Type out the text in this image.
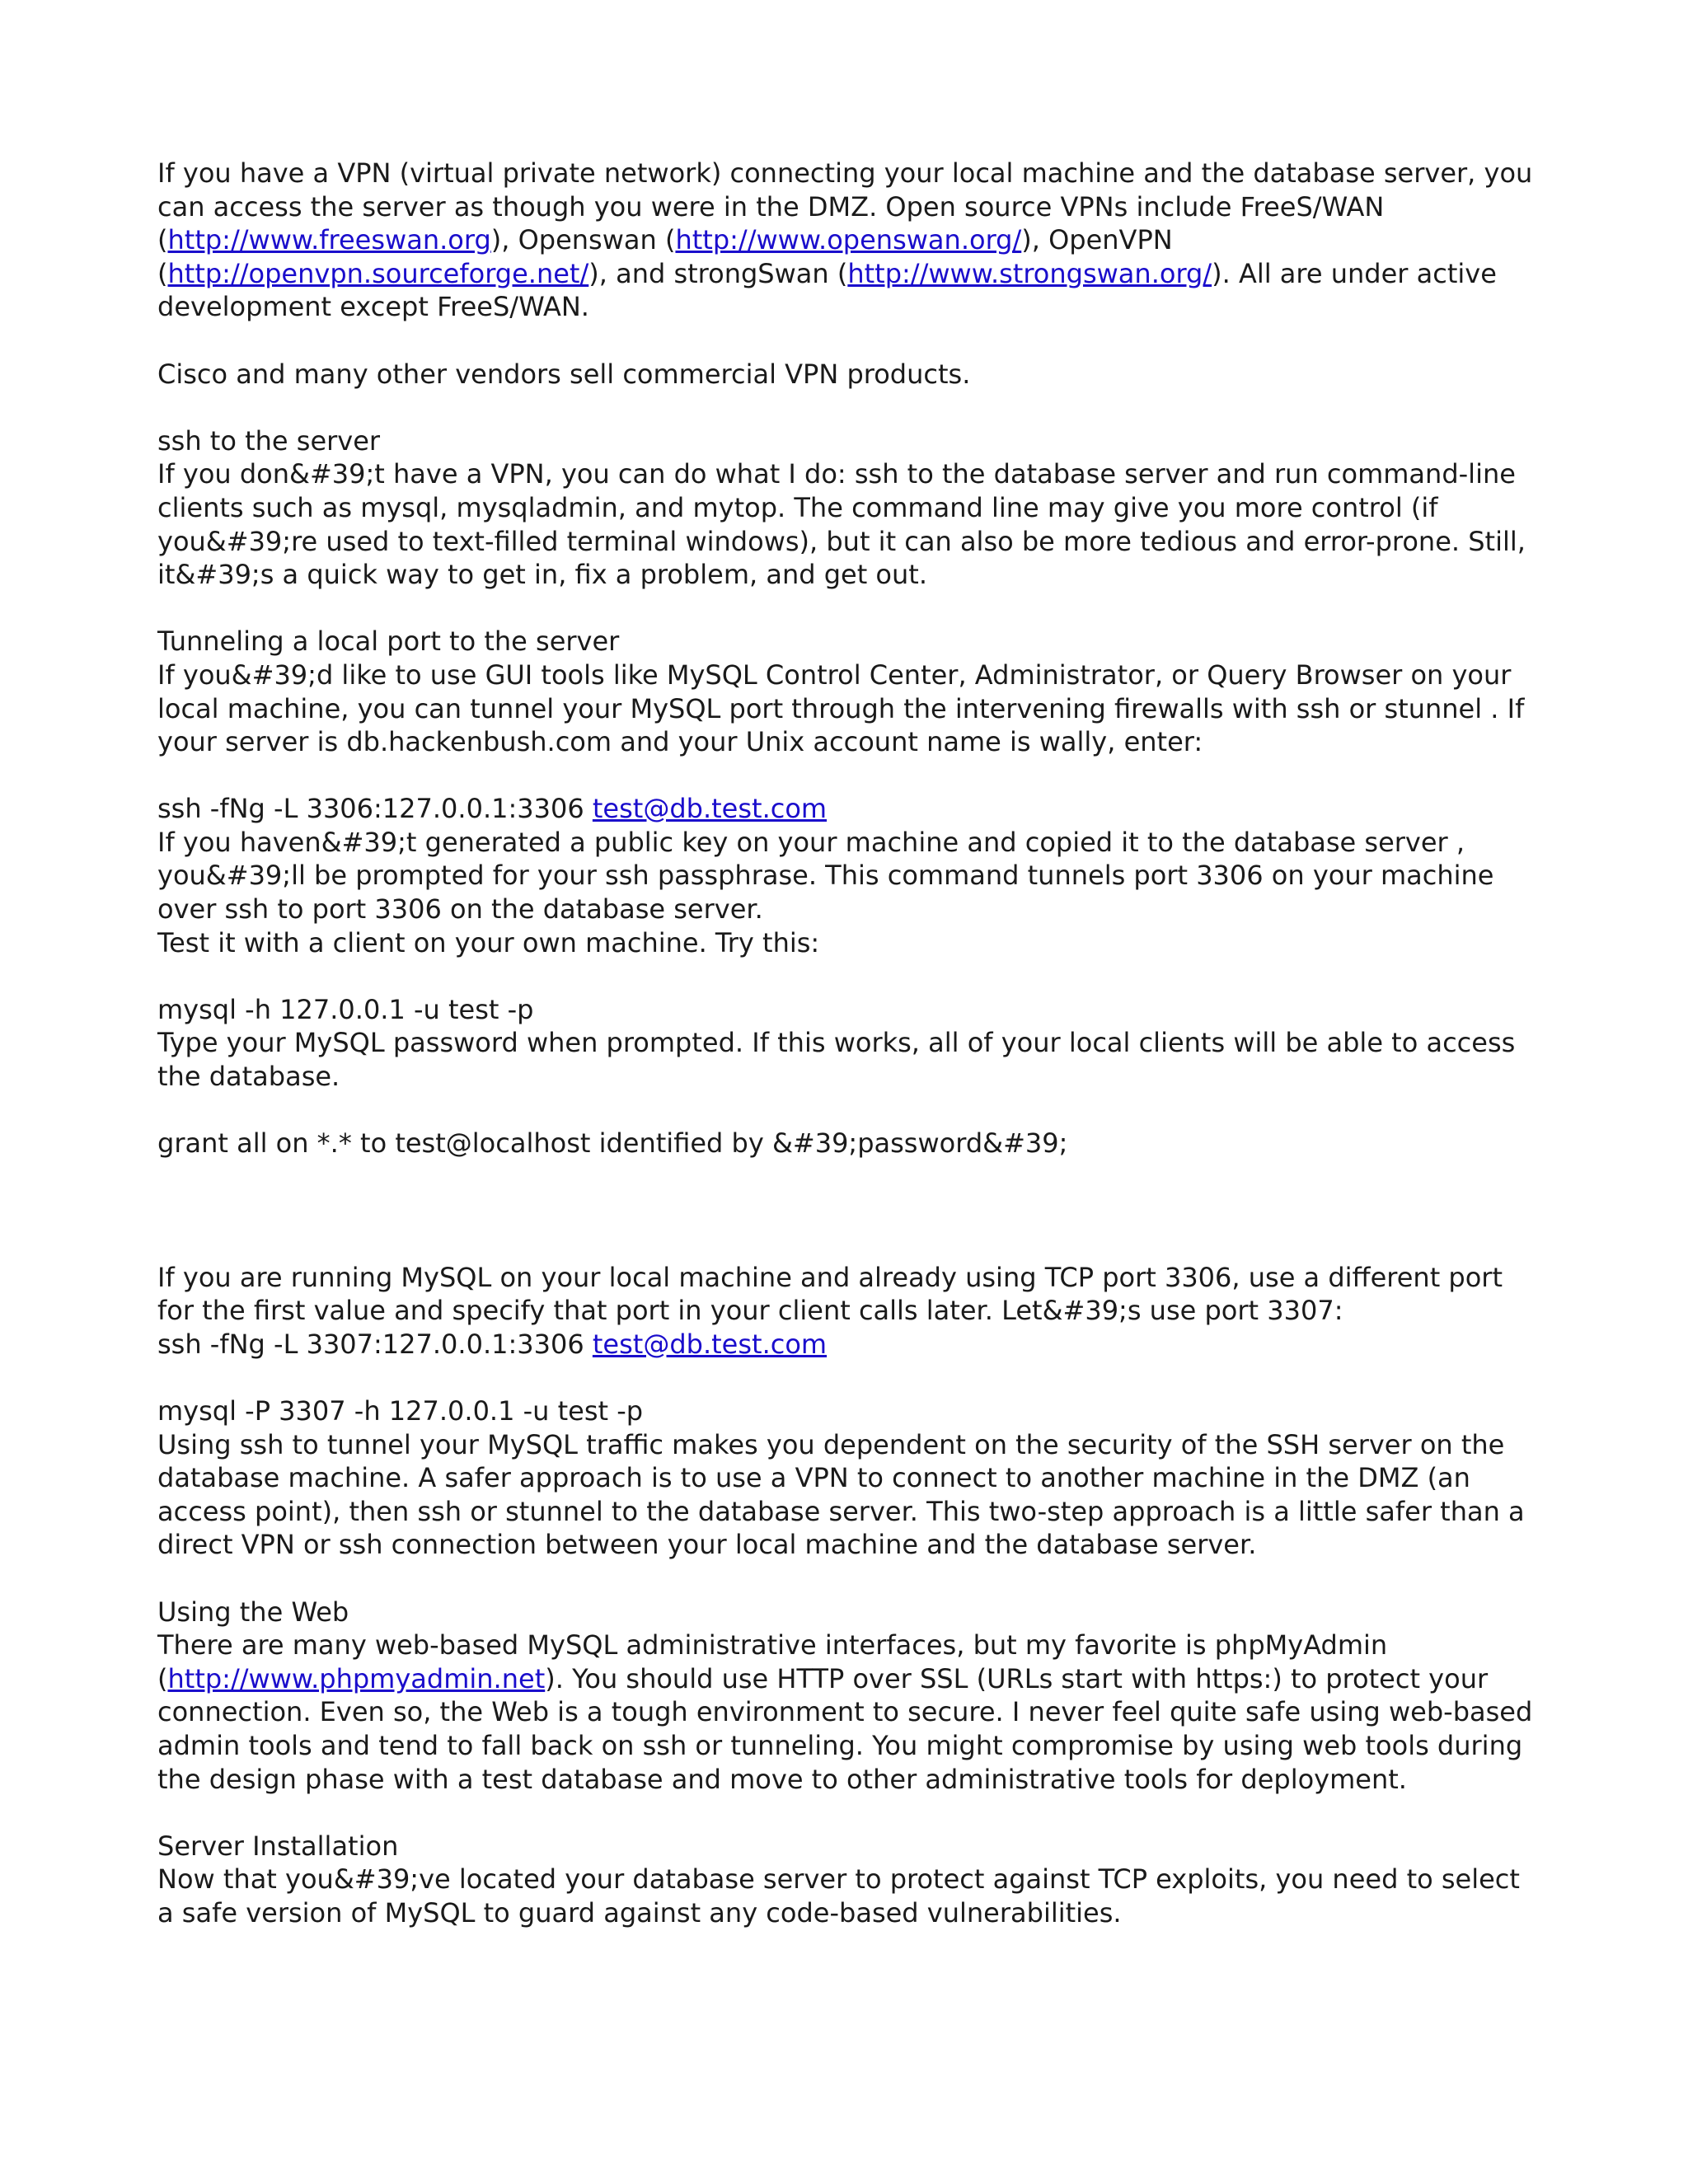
If you have a VPN (virtual private network) connecting your local machine and the database server, you can access the server as though you were in the DMZ. Open source VPNs include FreeS/WAN (http://www.freeswan.org), Openswan (http://www.openswan.org/), OpenVPN (http://openvpn.sourceforge.net/), and strongSwan (http://www.strongswan.org/). All are under active development except FreeS/WAN.

Cisco and many other vendors sell commercial VPN products.

ssh to the server

If you don&#39;t have a VPN, you can do what I do: ssh to the database server and run command-line clients such as mysql, mysqladmin, and mytop. The command line may give you more control (if you&#39;re used to text-filled terminal windows), but it can also be more tedious and error-prone. Still, it&#39;s a quick way to get in, fix a problem, and get out.

Tunneling a local port to the server

If you&#39;d like to use GUI tools like MySQL Control Center, Administrator, or Query Browser on your local machine, you can tunnel your MySQL port through the intervening firewalls with ssh or stunnel . If your server is db.hackenbush.com and your Unix account name is wally, enter:

ssh -fNg -L 3306:127.0.0.1:3306 test@db.test.com

If you haven&#39;t generated a public key on your machine and copied it to the database server , you&#39;ll be prompted for your ssh passphrase. This command tunnels port 3306 on your machine over ssh to port 3306 on the database server.

Test it with a client on your own machine. Try this:

mysql -h 127.0.0.1 -u test -p

Type your MySQL password when prompted. If this works, all of your local clients will be able to access the database.

grant all on *.* to test@localhost identified by &#39;password&#39;

If you are running MySQL on your local machine and already using TCP port 3306, use a different port for the first value and specify that port in your client calls later. Let&#39;s use port 3307:

ssh -fNg -L 3307:127.0.0.1:3306 test@db.test.com

mysql -P 3307 -h 127.0.0.1 -u test -p

Using ssh to tunnel your MySQL traffic makes you dependent on the security of the SSH server on the database machine. A safer approach is to use a VPN to connect to another machine in the DMZ (an access point), then ssh or stunnel to the database server. This two-step approach is a little safer than a direct VPN or ssh connection between your local machine and the database server.

Using the Web

There are many web-based MySQL administrative interfaces, but my favorite is phpMyAdmin (http://www.phpmyadmin.net). You should use HTTP over SSL (URLs start with https:) to protect your connection. Even so, the Web is a tough environment to secure. I never feel quite safe using web-based admin tools and tend to fall back on ssh or tunneling. You might compromise by using web tools during the design phase with a test database and move to other administrative tools for deployment.

Server Installation

Now that you&#39;ve located your database server to protect against TCP exploits, you need to select a safe version of MySQL to guard against any code-based vulnerabilities.
